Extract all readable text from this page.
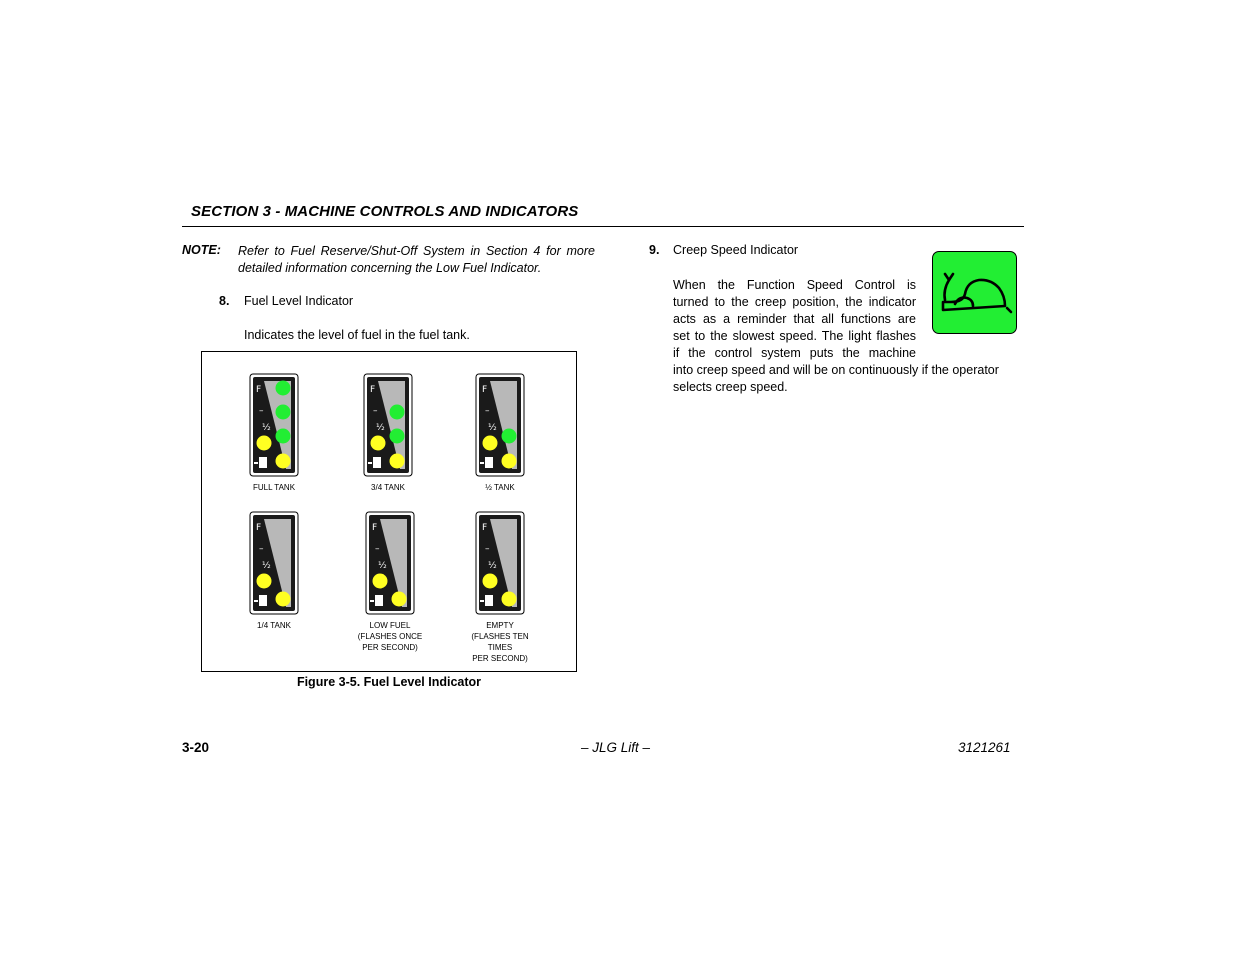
SECTION 3 - MACHINE CONTROLS AND INDICATORS
NOTE: Refer to Fuel Reserve/Shut-Off System in Section 4 for more detailed information concerning the Low Fuel Indicator.
8. Fuel Level Indicator
Indicates the level of fuel in the fuel tank.
F
–
½
FULL TANK
F
–
½
3/4 TANK
F
–
½
½ TANK
F
–
½
1/4 TANK
F
–
½
LOW FUEL
(FLASHES ONCE
PER SECOND)
F
–
½
EMPTY
(FLASHES TEN
TIMES
PER SECOND)
Figure 3-5. Fuel Level Indicator
9. Creep Speed Indicator
When the Function Speed Control is
turned to the creep position, the indicator
acts as a reminder that all functions are
set to the slowest speed. The light flashes
if the control system puts the machine
into creep speed and will be on continuously if the operator selects creep speed.
3-20	– JLG Lift –	3121261
